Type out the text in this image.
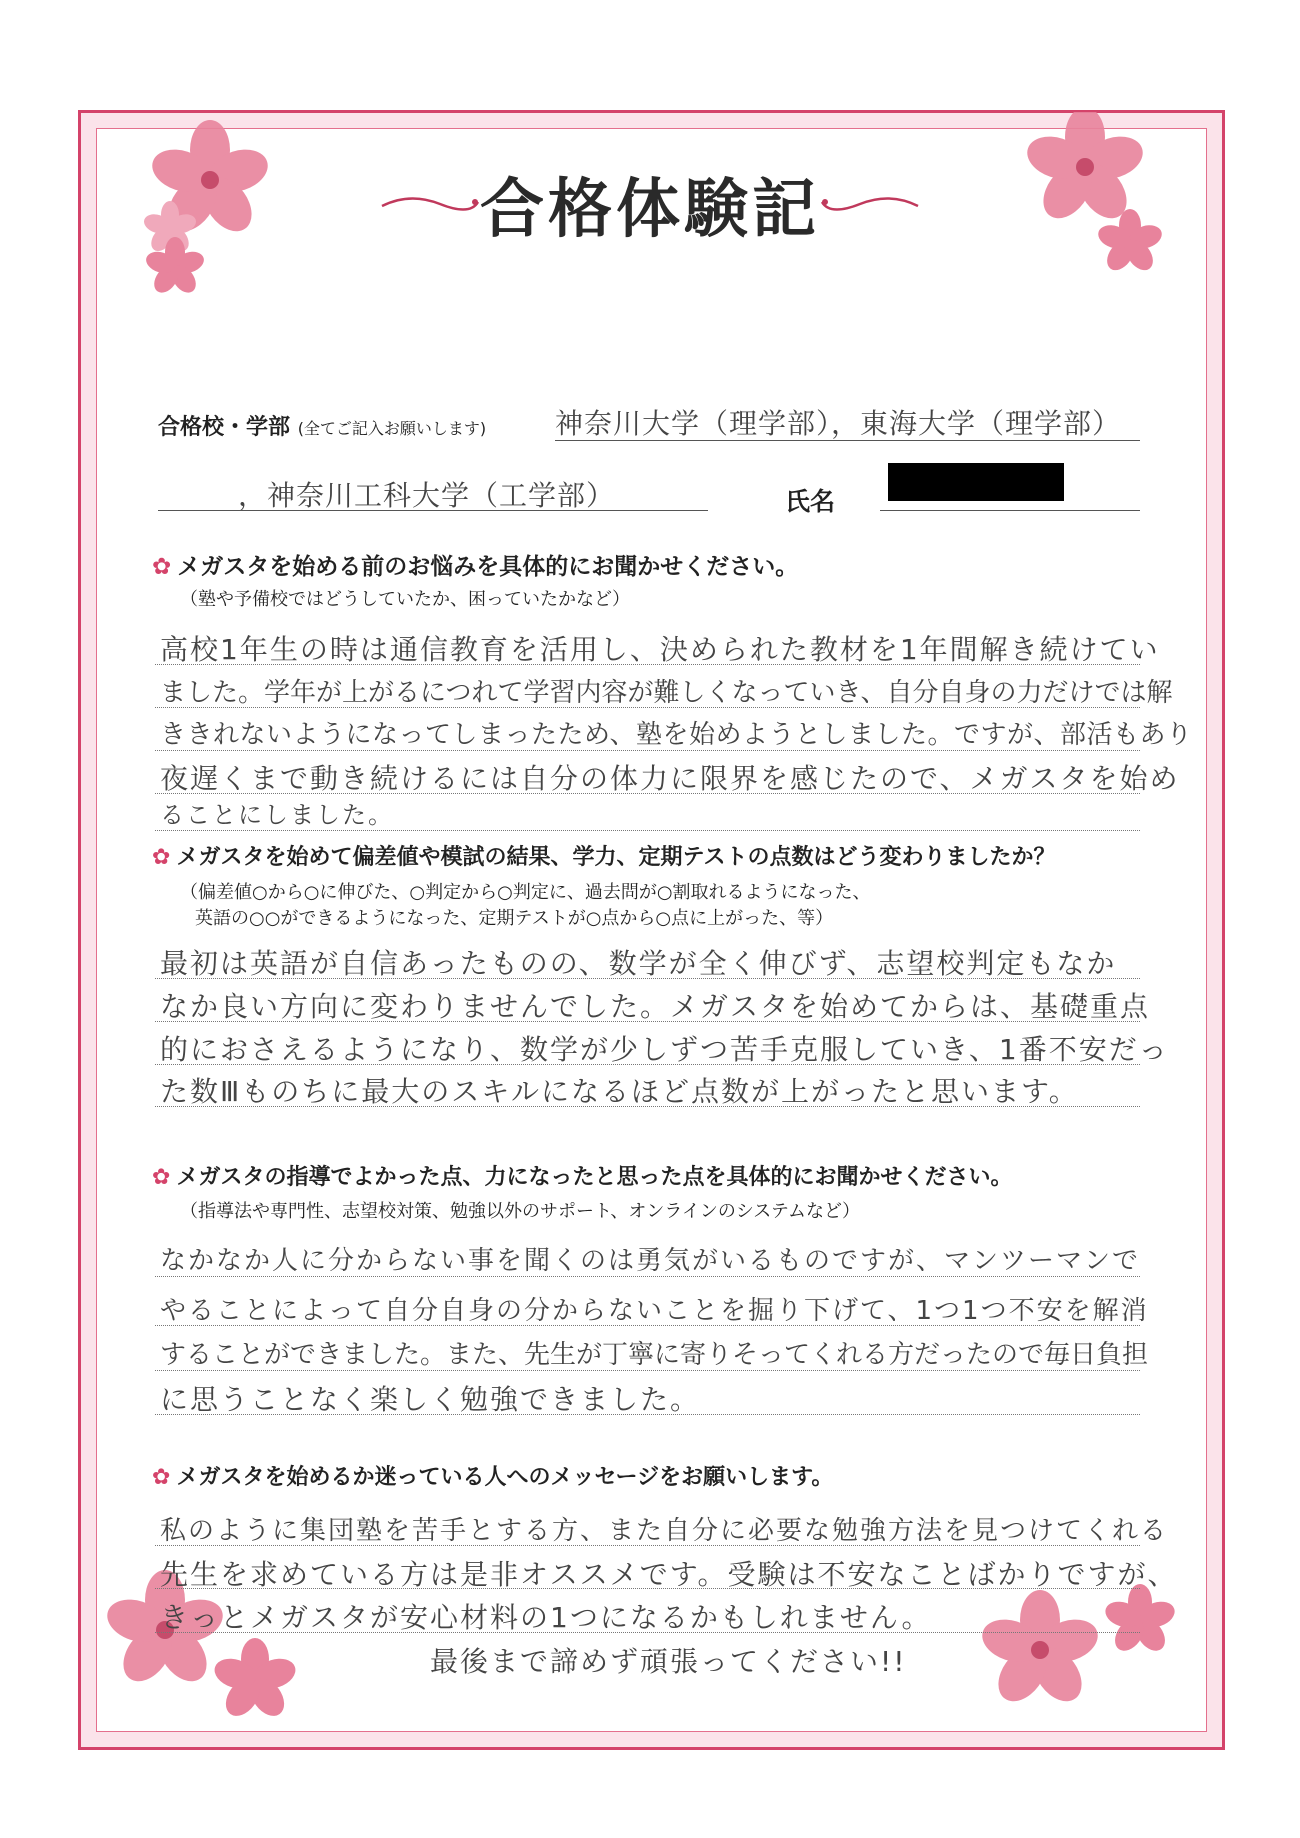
合格体験記
合格校・学部 (全てご記入お願いします) 神奈川大学（理学部），東海大学（理学部）
，神奈川工科大学（工学部）	氏名
✿ メガスタを始める前のお悩みを具体的にお聞かせください。
（塾や予備校ではどうしていたか、困っていたかなど）
高校1年生の時は通信教育を活用し、決められた教材を1年間解き続けてい
ました。学年が上がるにつれて学習内容が難しくなっていき、自分自身の力だけでは解
ききれないようになってしまったため、塾を始めようとしました。ですが、部活もあり
夜遅くまで動き続けるには自分の体力に限界を感じたので、メガスタを始め
ることにしました。
✿ メガスタを始めて偏差値や模試の結果、学力、定期テストの点数はどう変わりましたか？
（偏差値○から○に伸びた、○判定から○判定に、過去問が○割取れるようになった、
英語の○○ができるようになった、定期テストが○点から○点に上がった、等）
最初は英語が自信あったものの、数学が全く伸びず、志望校判定もなか
なか良い方向に変わりませんでした。メガスタを始めてからは、基礎重点
的におさえるようになり、数学が少しずつ苦手克服していき、1番不安だっ
た数Ⅲものちに最大のスキルになるほど点数が上がったと思います。
✿ メガスタの指導でよかった点、力になったと思った点を具体的にお聞かせください。
（指導法や専門性、志望校対策、勉強以外のサポート、オンラインのシステムなど）
なかなか人に分からない事を聞くのは勇気がいるものですが、マンツーマンで
やることによって自分自身の分からないことを掘り下げて、1つ1つ不安を解消
することができました。また、先生が丁寧に寄りそってくれる方だったので毎日負担
に思うことなく楽しく勉強できました。
✿ メガスタを始めるか迷っている人へのメッセージをお願いします。
私のように集団塾を苦手とする方、また自分に必要な勉強方法を見つけてくれる
先生を求めている方は是非オススメです。受験は不安なことばかりですが、
きっとメガスタが安心材料の1つになるかもしれません。
最後まで諦めず頑張ってください!!
